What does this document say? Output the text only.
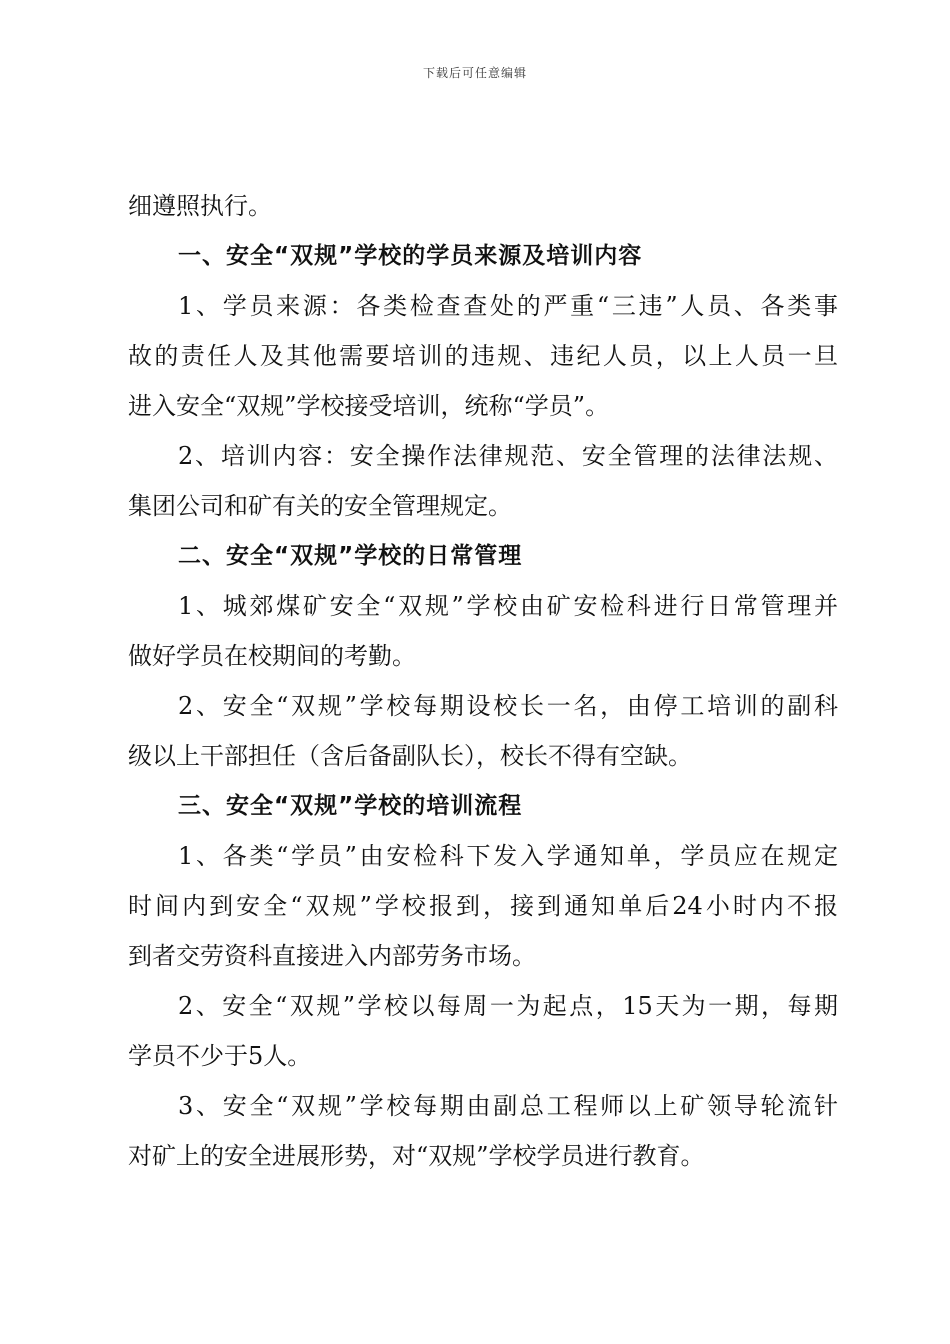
下载后可任意编辑
细遵照执行。
一、安全“双规”学校的学员来源及培训内容
1、学员来源：各类检查查处的严重“三违”人员、各类事
故的责任人及其他需要培训的违规、违纪人员，以上人员一旦
进入安全“双规”学校接受培训，统称“学员”。
2、培训内容：安全操作法律规范、安全管理的法律法规、
集团公司和矿有关的安全管理规定。
二、安全“双规”学校的日常管理
1、城郊煤矿安全“双规”学校由矿安检科进行日常管理并
做好学员在校期间的考勤。
2、安全“双规”学校每期设校长一名，由停工培训的副科
级以上干部担任（含后备副队长），校长不得有空缺。
三、安全“双规”学校的培训流程
1、各类“学员”由安检科下发入学通知单，学员应在规定
时间内到安全“双规”学校报到，接到通知单后24小时内不报
到者交劳资科直接进入内部劳务市场。
2、安全“双规”学校以每周一为起点，15天为一期，每期
学员不少于5人。
3、安全“双规”学校每期由副总工程师以上矿领导轮流针
对矿上的安全进展形势，对“双规”学校学员进行教育。
